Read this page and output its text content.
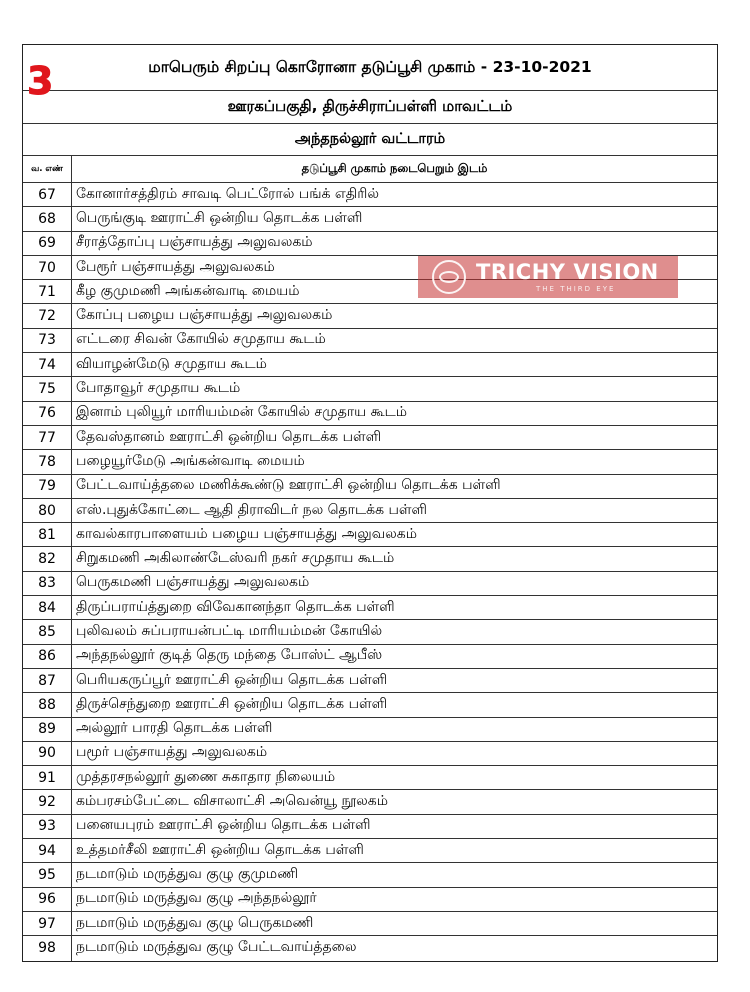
மாபெரும் சிறப்பு கொரோனா தடுப்பூசி முகாம் - 23-10-2021
ஊரகப்பகுதி, திருச்சிராப்பள்ளி மாவட்டம்
அந்தநல்லூர் வட்டாரம்
வ. எண்	தடுப்பூசி முகாம் நடைபெறும் இடம்
67	கோனார்சத்திரம் சாவடி பெட்ரோல் பங்க் எதிரில்
68	பெருங்குடி ஊராட்சி ஒன்றிய தொடக்க பள்ளி
69	சீராத்தோப்பு பஞ்சாயத்து அலுவலகம்
70	பேரூர் பஞ்சாயத்து அலுவலகம்
71	கீழ குமுமணி அங்கன்வாடி மையம்
72	கோப்பு பழைய பஞ்சாயத்து அலுவலகம்
73	எட்டரை சிவன் கோயில் சமுதாய கூடம்
74	வியாழன்மேடு சமுதாய கூடம்
75	போதாவூர் சமுதாய கூடம்
76	இனாம் புலியூர் மாரியம்மன் கோயில் சமுதாய கூடம்
77	தேவஸ்தானம் ஊராட்சி ஒன்றிய தொடக்க பள்ளி
78	பழையூர்மேடு அங்கன்வாடி மையம்
79	பேட்டவாய்த்தலை மணிக்கூண்டு ஊராட்சி ஒன்றிய தொடக்க பள்ளி
80	எஸ்.புதுக்கோட்டை ஆதி திராவிடர் நல தொடக்க பள்ளி
81	காவல்காரபாளையம் பழைய பஞ்சாயத்து அலுவலகம்
82	சிறுகமணி அகிலாண்டேஸ்வரி நகர் சமுதாய கூடம்
83	பெருகமணி பஞ்சாயத்து அலுவலகம்
84	திருப்பராய்த்துறை விவேகானந்தா தொடக்க பள்ளி
85	புலிவலம் சுப்பராயன்பட்டி மாரியம்மன் கோயில்
86	அந்தநல்லூர் குடித் தெரு மந்தை போஸ்ட் ஆபீஸ்
87	பெரியகருப்பூர் ஊராட்சி ஒன்றிய தொடக்க பள்ளி
88	திருச்செந்துறை ஊராட்சி ஒன்றிய தொடக்க பள்ளி
89	அல்லூர் பாரதி தொடக்க பள்ளி
90	பமூர் பஞ்சாயத்து அலுவலகம்
91	முத்தரசநல்லூர் துணை சுகாதார நிலையம்
92	கம்பரசம்பேட்டை விசாலாட்சி அவென்யூ நூலகம்
93	பனையபுரம் ஊராட்சி ஒன்றிய தொடக்க பள்ளி
94	உத்தமர்சீலி ஊராட்சி ஒன்றிய தொடக்க பள்ளி
95	நடமாடும் மருத்துவ குழு குமுமணி
96	நடமாடும் மருத்துவ குழு அந்தநல்லூர்
97	நடமாடும் மருத்துவ குழு பெருகமணி
98	நடமாடும் மருத்துவ குழு பேட்டவாய்த்தலை
3
TRICHY VISION
THE THIRD EYE
